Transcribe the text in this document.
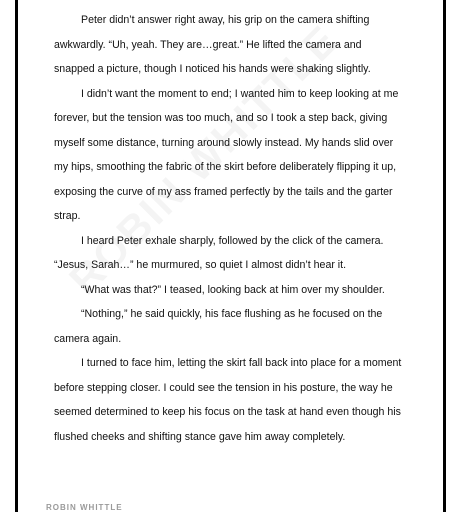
Peter didn’t answer right away, his grip on the camera shifting awkwardly. “Uh, yeah. They are…great.” He lifted the camera and snapped a picture, though I noticed his hands were shaking slightly.

I didn’t want the moment to end; I wanted him to keep looking at me forever, but the tension was too much, and so I took a step back, giving myself some distance, turning around slowly instead. My hands slid over my hips, smoothing the fabric of the skirt before deliberately flipping it up, exposing the curve of my ass framed perfectly by the tails and the garter strap.

I heard Peter exhale sharply, followed by the click of the camera. “Jesus, Sarah…” he murmured, so quiet I almost didn’t hear it.

“What was that?” I teased, looking back at him over my shoulder.

“Nothing,” he said quickly, his face flushing as he focused on the camera again.

I turned to face him, letting the skirt fall back into place for a moment before stepping closer. I could see the tension in his posture, the way he seemed determined to keep his focus on the task at hand even though his flushed cheeks and shifting stance gave him away completely.

ROBIN WHITTLE
